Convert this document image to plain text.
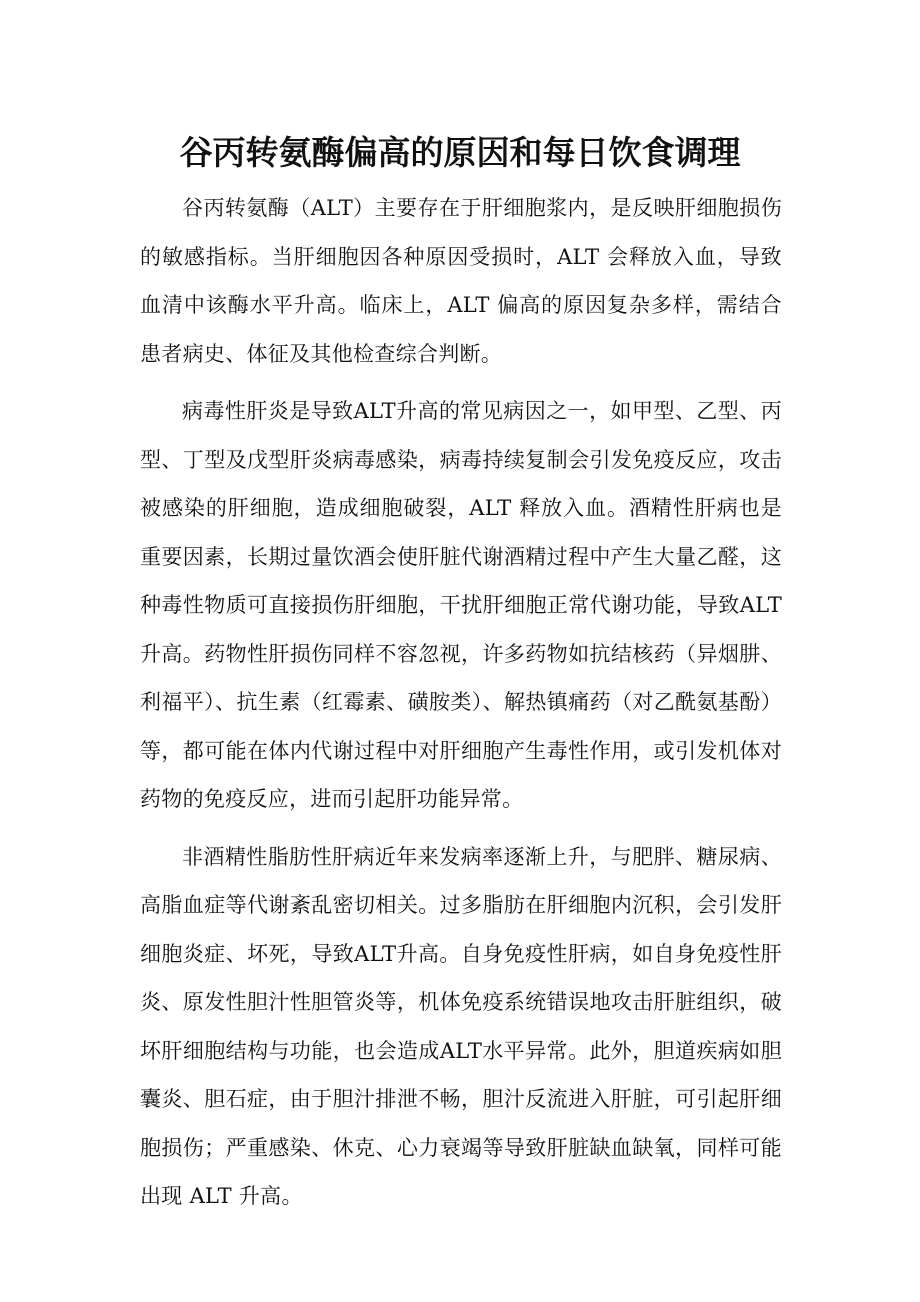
谷丙转氨酶偏高的原因和每日饮食调理

谷丙转氨酶（ALT）主要存在于肝细胞浆内，是反映肝细胞损伤的敏感指标。当肝细胞因各种原因受损时，ALT 会释放入血，导致血清中该酶水平升高。临床上，ALT 偏高的原因复杂多样，需结合患者病史、体征及其他检查综合判断。

病毒性肝炎是导致ALT升高的常见病因之一，如甲型、乙型、丙型、丁型及戊型肝炎病毒感染，病毒持续复制会引发免疫反应，攻击被感染的肝细胞，造成细胞破裂，ALT 释放入血。酒精性肝病也是重要因素，长期过量饮酒会使肝脏代谢酒精过程中产生大量乙醛，这种毒性物质可直接损伤肝细胞，干扰肝细胞正常代谢功能，导致ALT升高。药物性肝损伤同样不容忽视，许多药物如抗结核药（异烟肼、利福平）、抗生素（红霉素、磺胺类）、解热镇痛药（对乙酰氨基酚）等，都可能在体内代谢过程中对肝细胞产生毒性作用，或引发机体对药物的免疫反应，进而引起肝功能异常。

非酒精性脂肪性肝病近年来发病率逐渐上升，与肥胖、糖尿病、高脂血症等代谢紊乱密切相关。过多脂肪在肝细胞内沉积，会引发肝细胞炎症、坏死，导致ALT升高。自身免疫性肝病，如自身免疫性肝炎、原发性胆汁性胆管炎等，机体免疫系统错误地攻击肝脏组织，破坏肝细胞结构与功能，也会造成ALT水平异常。此外，胆道疾病如胆囊炎、胆石症，由于胆汁排泄不畅，胆汁反流进入肝脏，可引起肝细胞损伤；严重感染、休克、心力衰竭等导致肝脏缺血缺氧，同样可能出现 ALT 升高。
